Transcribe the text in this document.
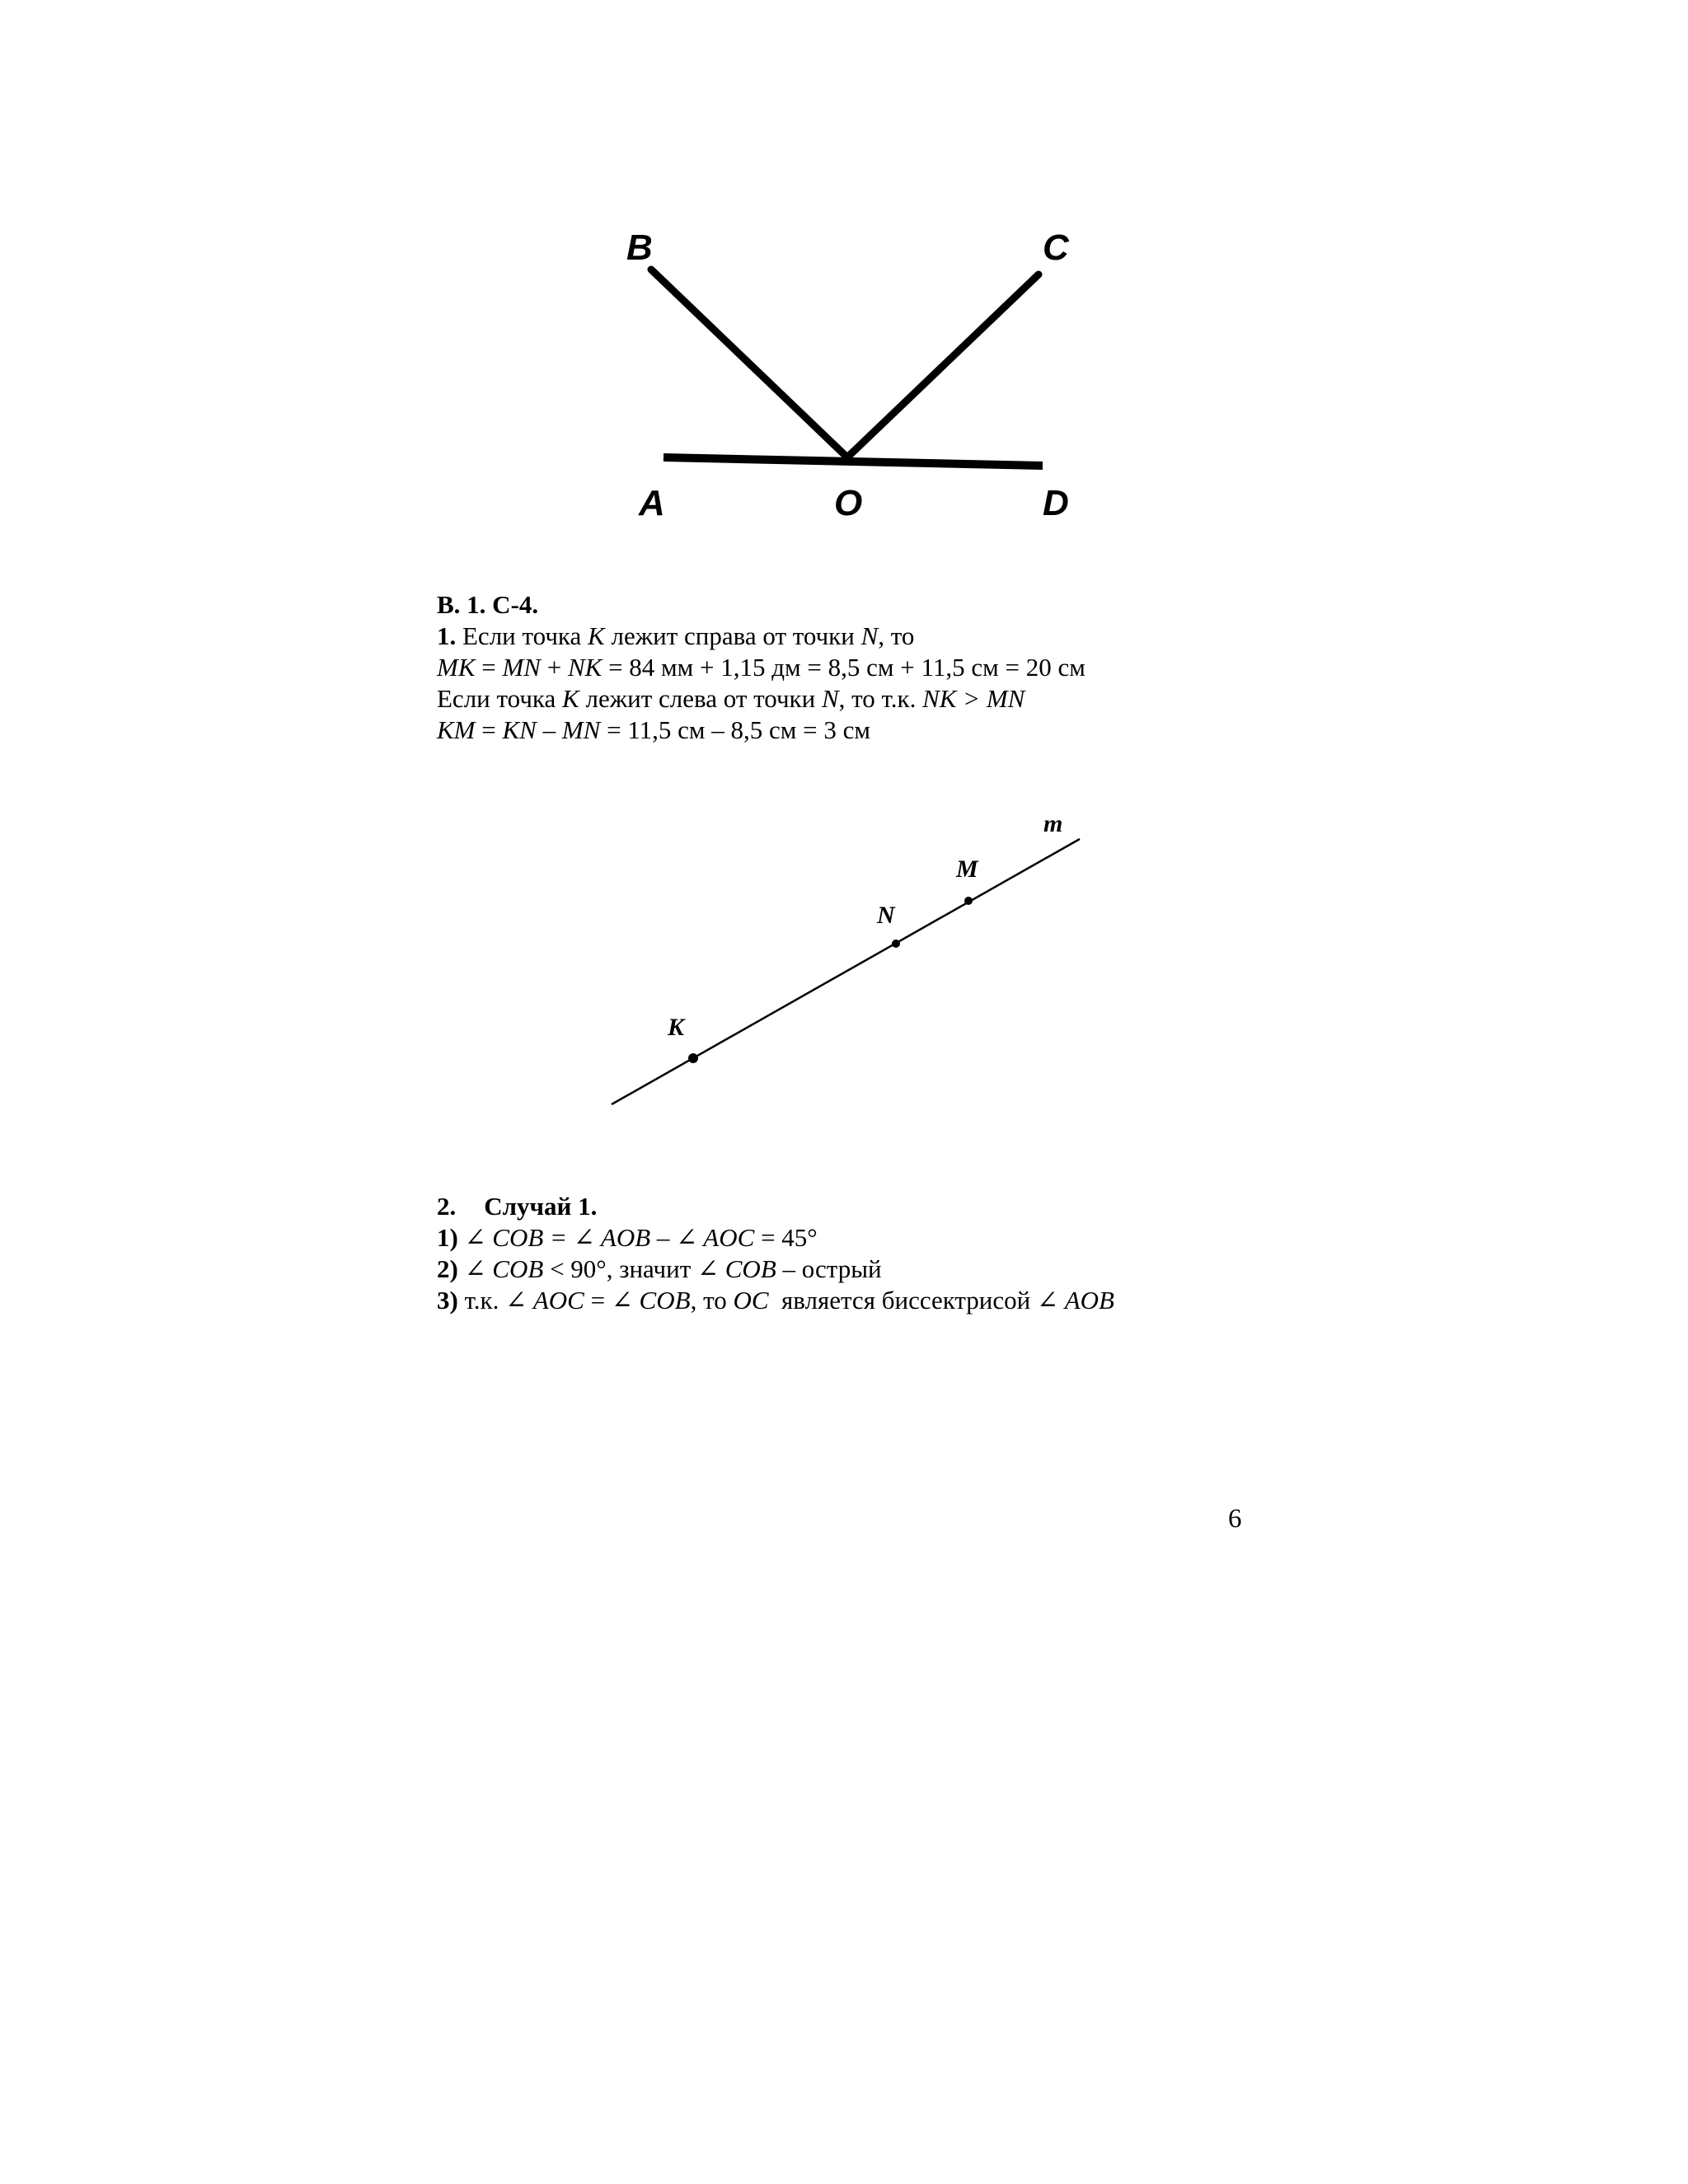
B	C
A	O	D
В. 1. С-4.
1. Если точка K лежит справа от точки N, то
MK = MN + NK = 84 мм + 1,15 дм = 8,5 см + 11,5 см = 20 см
Если точка K лежит слева от точки N, то т.к. NK > MN
KM = KN – MN = 11,5 см – 8,5 см = 3 см
m
M
N
K
2. Случай 1.
1) ∠ COB = ∠ AOB – ∠ AOC = 45°
2) ∠ COB < 90°, значит ∠ COB – острый
3) т.к. ∠ AOC = ∠ COB, то OC  является биссектрисой ∠ AOB
6
